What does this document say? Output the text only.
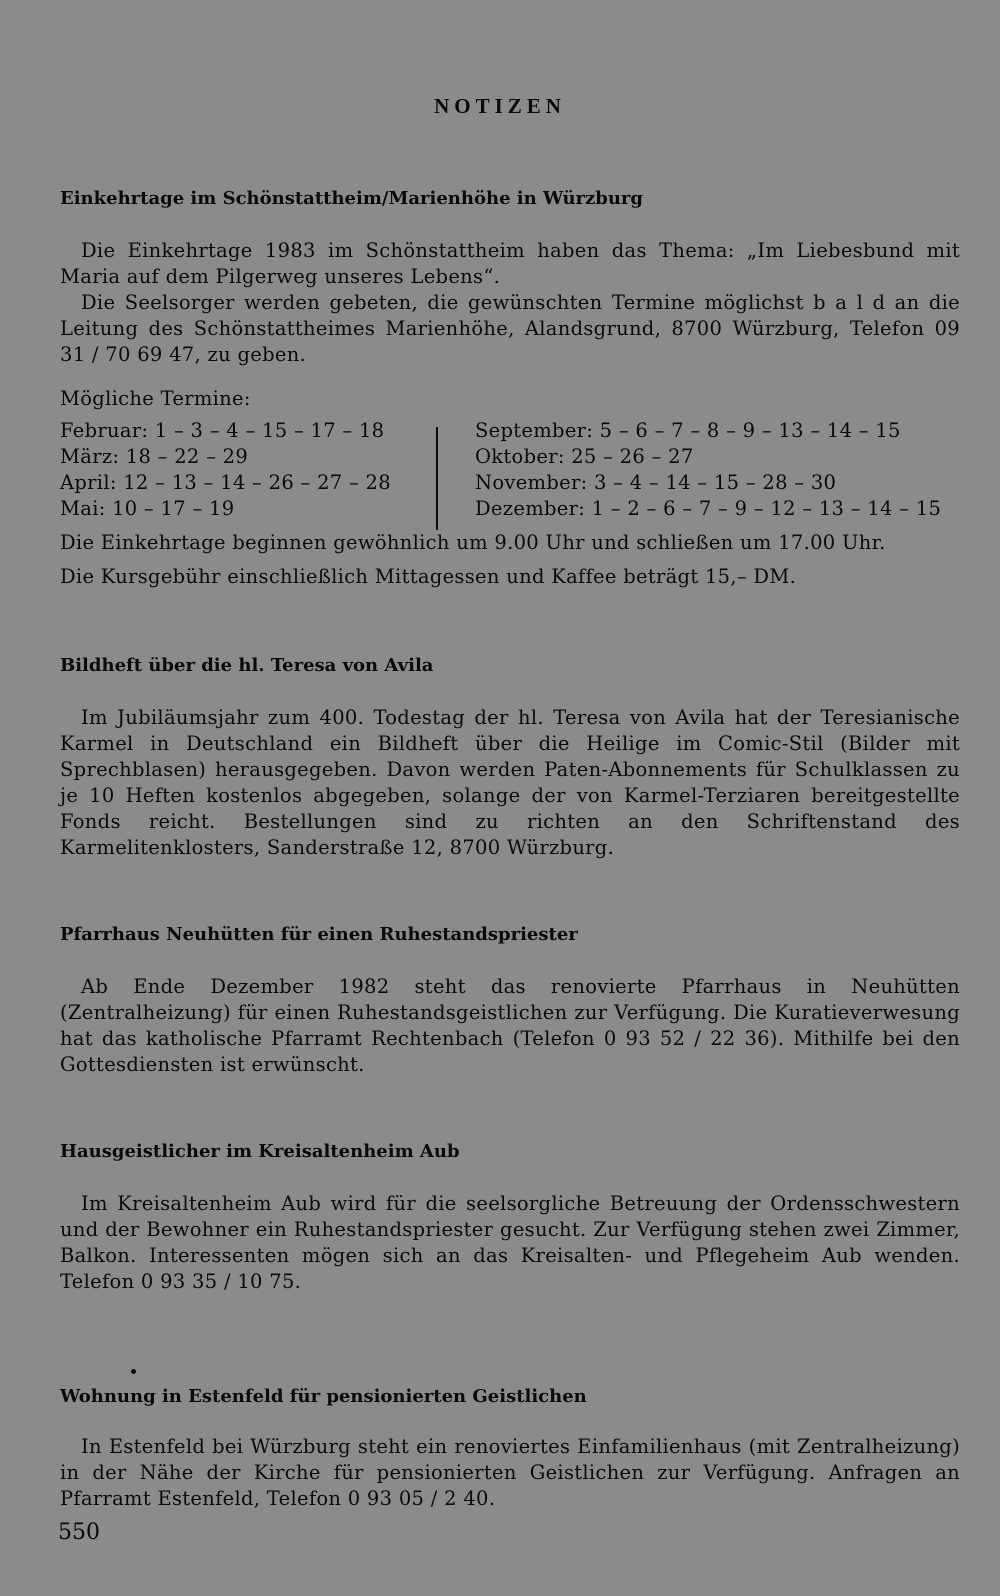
NOTIZEN
Einkehrtage im Schönstattheim/Marienhöhe in Würzburg

Die Einkehrtage 1983 im Schönstattheim haben das Thema: „Im Liebesbund mit Maria auf dem Pilgerweg unseres Lebens“.

Die Seelsorger werden gebeten, die gewünschten Termine möglichst b a l d an die Leitung des Schönstattheimes Marienhöhe, Alandsgrund, 8700 Würzburg, Telefon 09 31 / 70 69 47, zu geben.

Mögliche Termine:
Februar: 1 – 3 – 4 – 15 – 17 – 18
März: 18 – 22 – 29
April: 12 – 13 – 14 – 26 – 27 – 28
Mai: 10 – 17 – 19
September: 5 – 6 – 7 – 8 – 9 – 13 – 14 – 15
Oktober: 25 – 26 – 27
November: 3 – 4 – 14 – 15 – 28 – 30
Dezember: 1 – 2 – 6 – 7 – 9 – 12 – 13 – 14 – 15
Die Einkehrtage beginnen gewöhnlich um 9.00 Uhr und schließen um 17.00 Uhr.
Die Kursgebühr einschließlich Mittagessen und Kaffee beträgt 15,– DM.
Bildheft über die hl. Teresa von Avila

Im Jubiläumsjahr zum 400. Todestag der hl. Teresa von Avila hat der Teresianische Karmel in Deutschland ein Bildheft über die Heilige im Comic-Stil (Bilder mit Sprechblasen) herausgegeben. Davon werden Paten-Abonnements für Schulklassen zu je 10 Heften kostenlos abgegeben, solange der von Karmel-Terziaren bereitgestellte Fonds reicht. Bestellungen sind zu richten an den Schriftenstand des Karmelitenklosters, Sanderstraße 12, 8700 Würzburg.

Pfarrhaus Neuhütten für einen Ruhestandspriester

Ab Ende Dezember 1982 steht das renovierte Pfarrhaus in Neuhütten (Zentralheizung) für einen Ruhestandsgeistlichen zur Verfügung. Die Kuratieverwesung hat das katholische Pfarramt Rechtenbach (Telefon 0 93 52 / 22 36). Mithilfe bei den Gottesdiensten ist erwünscht.

Hausgeistlicher im Kreisaltenheim Aub

Im Kreisaltenheim Aub wird für die seelsorgliche Betreuung der Ordensschwestern und der Bewohner ein Ruhestandspriester gesucht. Zur Verfügung stehen zwei Zimmer, Balkon. Interessenten mögen sich an das Kreisalten- und Pflegeheim Aub wenden. Telefon 0 93 35 / 10 75.

Wohnung in Estenfeld für pensionierten Geistlichen

In Estenfeld bei Würzburg steht ein renoviertes Einfamilienhaus (mit Zentralheizung) in der Nähe der Kirche für pensionierten Geistlichen zur Verfügung. Anfragen an Pfarramt Estenfeld, Telefon 0 93 05 / 2 40.

550
